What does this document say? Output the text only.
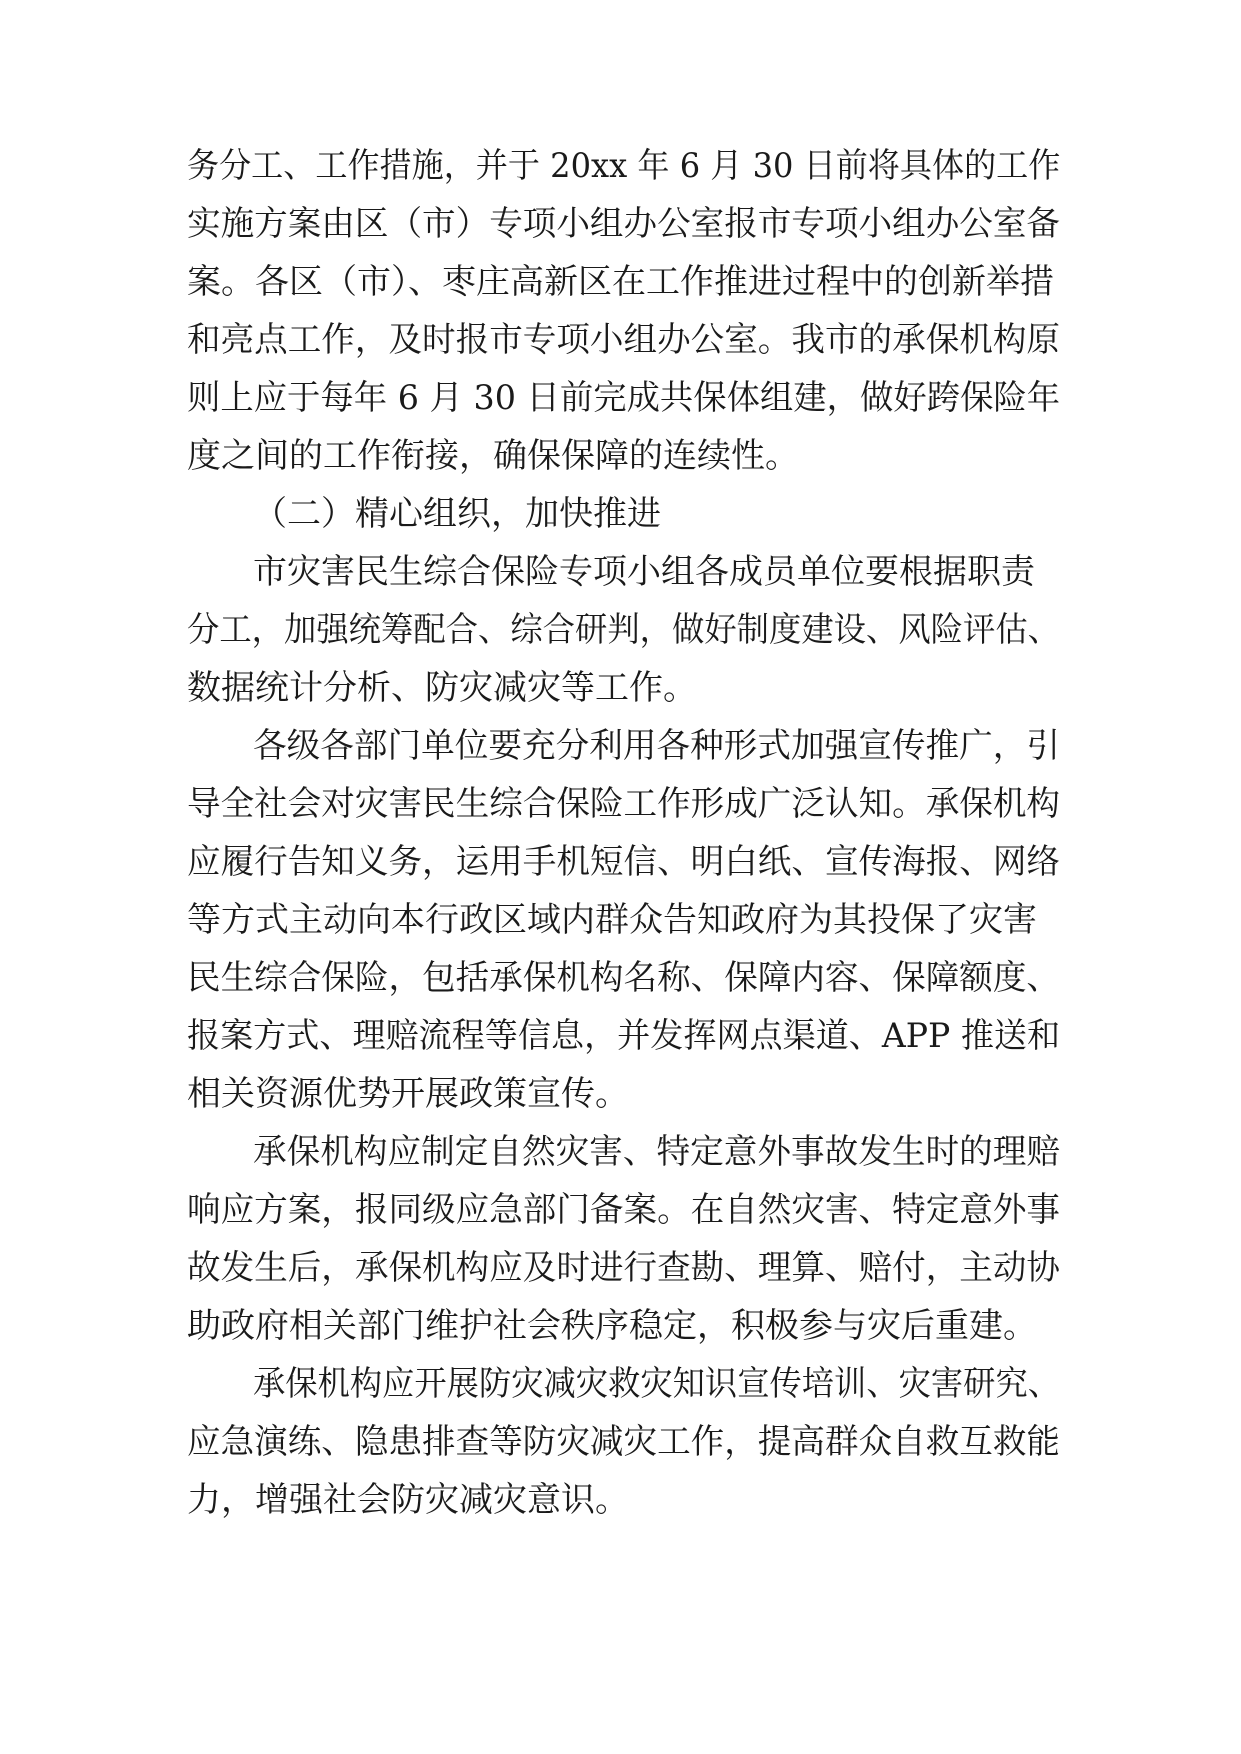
务分工、工作措施，并于 20xx 年 6 月 30 日前将具体的工作
实施方案由区（市）专项小组办公室报市专项小组办公室备
案。各区（市）、枣庄高新区在工作推进过程中的创新举措
和亮点工作，及时报市专项小组办公室。我市的承保机构原
则上应于每年 6 月 30 日前完成共保体组建，做好跨保险年
度之间的工作衔接，确保保障的连续性。
（二）精心组织，加快推进
市灾害民生综合保险专项小组各成员单位要根据职责
分工，加强统筹配合、综合研判，做好制度建设、风险评估、
数据统计分析、防灾减灾等工作。
各级各部门单位要充分利用各种形式加强宣传推广，引
导全社会对灾害民生综合保险工作形成广泛认知。承保机构
应履行告知义务，运用手机短信、明白纸、宣传海报、网络
等方式主动向本行政区域内群众告知政府为其投保了灾害
民生综合保险，包括承保机构名称、保障内容、保障额度、
报案方式、理赔流程等信息，并发挥网点渠道、APP 推送和
相关资源优势开展政策宣传。
承保机构应制定自然灾害、特定意外事故发生时的理赔
响应方案，报同级应急部门备案。在自然灾害、特定意外事
故发生后，承保机构应及时进行查勘、理算、赔付，主动协
助政府相关部门维护社会秩序稳定，积极参与灾后重建。
承保机构应开展防灾减灾救灾知识宣传培训、灾害研究、
应急演练、隐患排查等防灾减灾工作，提高群众自救互救能
力，增强社会防灾减灾意识。
